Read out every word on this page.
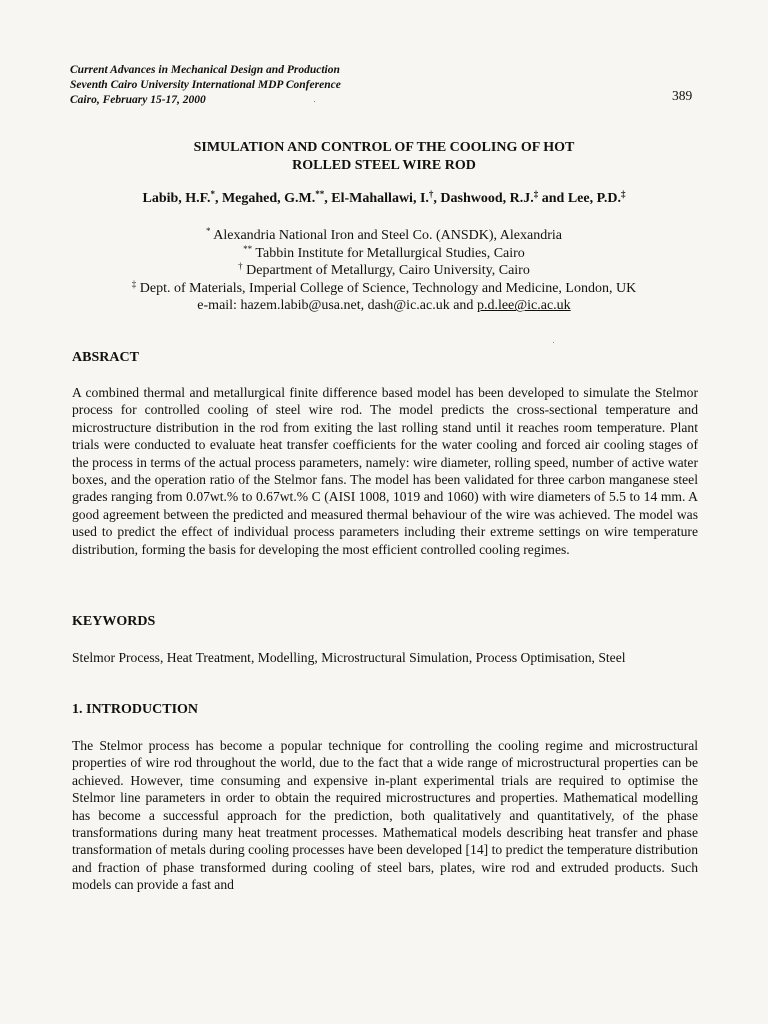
Current Advances in Mechanical Design and Production
Seventh Cairo University International MDP Conference
Cairo, February 15-17, 2000	389
SIMULATION AND CONTROL OF THE COOLING OF HOT
ROLLED STEEL WIRE ROD
Labib, H.F.*, Megahed, G.M.**, El-Mahallawi, I.†, Dashwood, R.J.‡ and Lee, P.D.‡
* Alexandria National Iron and Steel Co. (ANSDK), Alexandria
** Tabbin Institute for Metallurgical Studies, Cairo
† Department of Metallurgy, Cairo University, Cairo
‡ Dept. of Materials, Imperial College of Science, Technology and Medicine, London, UK
e-mail: hazem.labib@usa.net, dash@ic.ac.uk and p.d.lee@ic.ac.uk
ABSRACT

A combined thermal and metallurgical finite difference based model has been developed to simulate the Stelmor process for controlled cooling of steel wire rod. The model predicts the cross-sectional temperature and microstructure distribution in the rod from exiting the last rolling stand until it reaches room temperature. Plant trials were conducted to evaluate heat transfer coefficients for the water cooling and forced air cooling stages of the process in terms of the actual process parameters, namely: wire diameter, rolling speed, number of active water boxes, and the operation ratio of the Stelmor fans. The model has been validated for three carbon manganese steel grades ranging from 0.07wt.% to 0.67wt.% C (AISI 1008, 1019 and 1060) with wire diameters of 5.5 to 14 mm. A good agreement between the predicted and measured thermal behaviour of the wire was achieved. The model was used to predict the effect of individual process parameters including their extreme settings on wire temperature distribution, forming the basis for developing the most efficient controlled cooling regimes.

KEYWORDS

Stelmor Process, Heat Treatment, Modelling, Microstructural Simulation, Process Optimisation, Steel

1. INTRODUCTION

The Stelmor process has become a popular technique for controlling the cooling regime and microstructural properties of wire rod throughout the world, due to the fact that a wide range of microstructural properties can be achieved. However, time consuming and expensive in-plant experimental trials are required to optimise the Stelmor line parameters in order to obtain the required microstructures and properties. Mathematical modelling has become a successful approach for the prediction, both qualitatively and quantitatively, of the phase transformations during many heat treatment processes. Mathematical models describing heat transfer and phase transformation of metals during cooling processes have been developed [14] to predict the temperature distribution and fraction of phase transformed during cooling of steel bars, plates, wire rod and extruded products. Such models can provide a fast and
